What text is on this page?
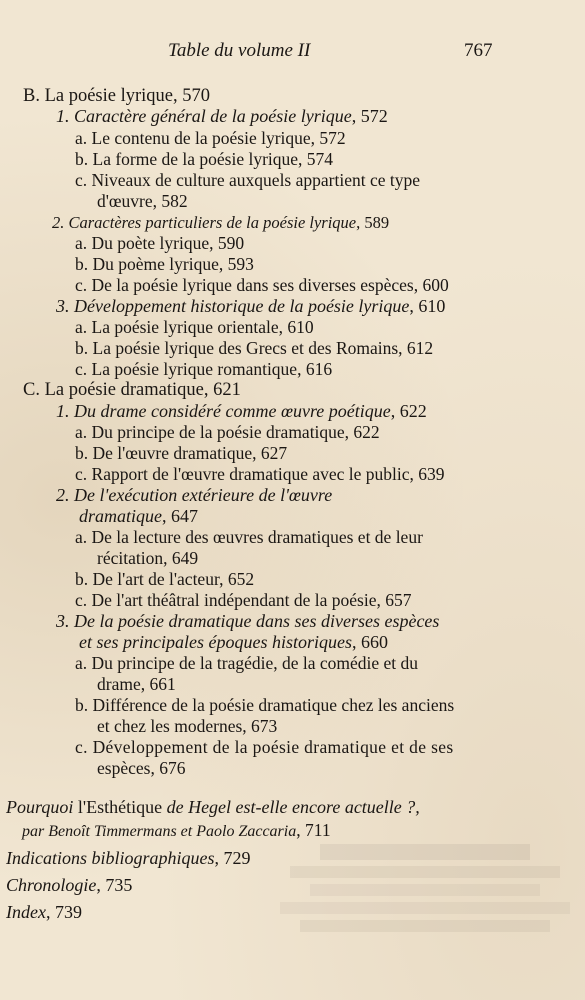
Table du volume II	767
B. La poésie lyrique, 570
1. Caractère général de la poésie lyrique, 572
a. Le contenu de la poésie lyrique, 572
b. La forme de la poésie lyrique, 574
c. Niveaux de culture auxquels appartient ce type
d'œuvre, 582
2. Caractères particuliers de la poésie lyrique, 589
a. Du poète lyrique, 590
b. Du poème lyrique, 593
c. De la poésie lyrique dans ses diverses espèces, 600
3. Développement historique de la poésie lyrique, 610
a. La poésie lyrique orientale, 610
b. La poésie lyrique des Grecs et des Romains, 612
c. La poésie lyrique romantique, 616
C. La poésie dramatique, 621
1. Du drame considéré comme œuvre poétique, 622
a. Du principe de la poésie dramatique, 622
b. De l'œuvre dramatique, 627
c. Rapport de l'œuvre dramatique avec le public, 639
2. De l'exécution extérieure de l'œuvre
dramatique, 647
a. De la lecture des œuvres dramatiques et de leur
récitation, 649
b. De l'art de l'acteur, 652
c. De l'art théâtral indépendant de la poésie, 657
3. De la poésie dramatique dans ses diverses espèces
et ses principales époques historiques, 660
a. Du principe de la tragédie, de la comédie et du
drame, 661
b. Différence de la poésie dramatique chez les anciens
et chez les modernes, 673
c. Développement de la poésie dramatique et de ses
espèces, 676
Pourquoi l'Esthétique de Hegel est-elle encore actuelle ?,
par Benoît Timmermans et Paolo Zaccaria, 711
Indications bibliographiques, 729
Chronologie, 735
Index, 739
